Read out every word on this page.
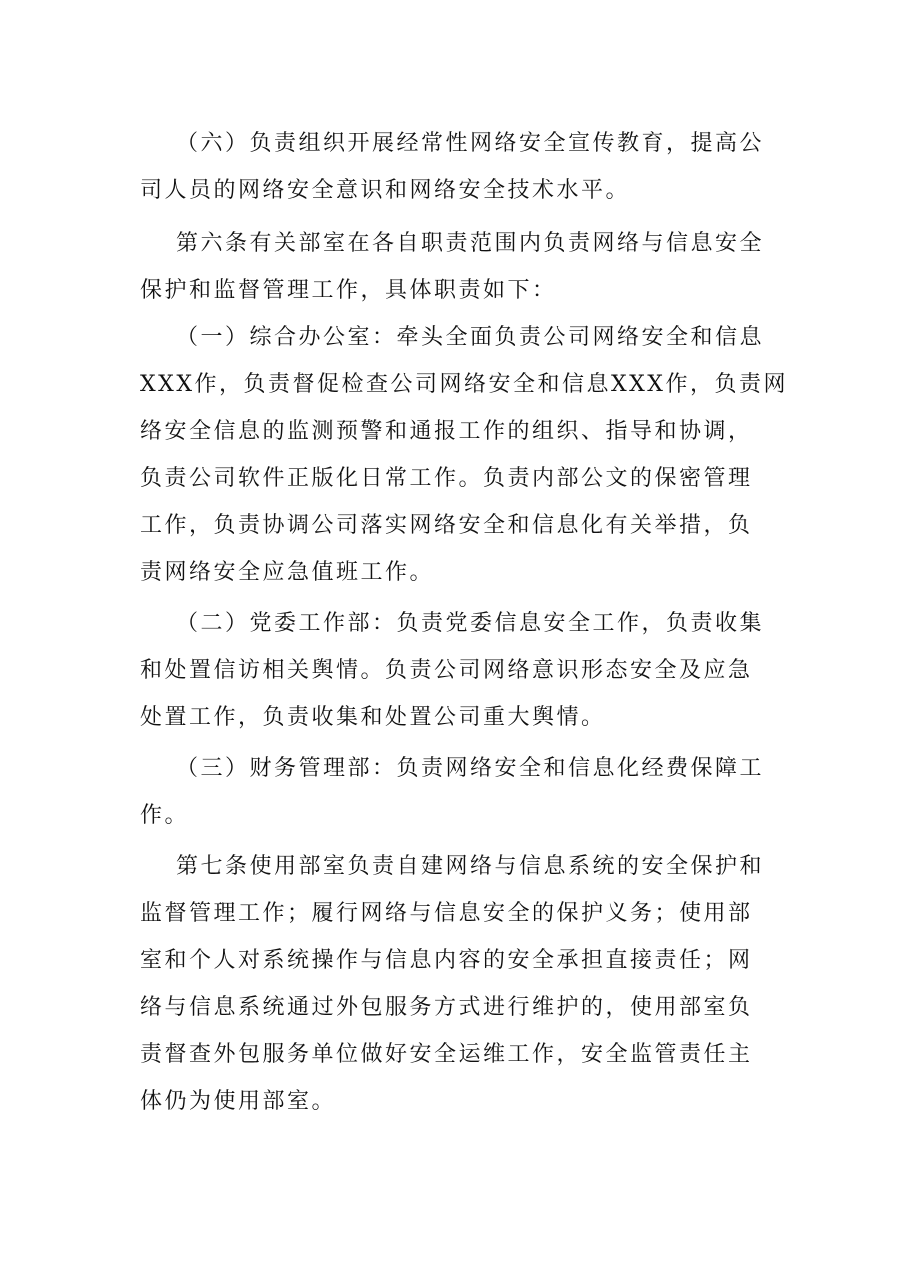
（六）负责组织开展经常性网络安全宣传教育，提高公
司人员的网络安全意识和网络安全技术水平。
第六条有关部室在各自职责范围内负责网络与信息安全
保护和监督管理工作，具体职责如下：
（一）综合办公室：牵头全面负责公司网络安全和信息
XXX作，负责督促检查公司网络安全和信息XXX作，负责网
络安全信息的监测预警和通报工作的组织、指导和协调，
负责公司软件正版化日常工作。负责内部公文的保密管理
工作，负责协调公司落实网络安全和信息化有关举措，负
责网络安全应急值班工作。
（二）党委工作部：负责党委信息安全工作，负责收集
和处置信访相关舆情。负责公司网络意识形态安全及应急
处置工作，负责收集和处置公司重大舆情。
（三）财务管理部：负责网络安全和信息化经费保障工
作。
第七条使用部室负责自建网络与信息系统的安全保护和
监督管理工作；履行网络与信息安全的保护义务；使用部
室和个人对系统操作与信息内容的安全承担直接责任；网
络与信息系统通过外包服务方式进行维护的，使用部室负
责督查外包服务单位做好安全运维工作，安全监管责任主
体仍为使用部室。
